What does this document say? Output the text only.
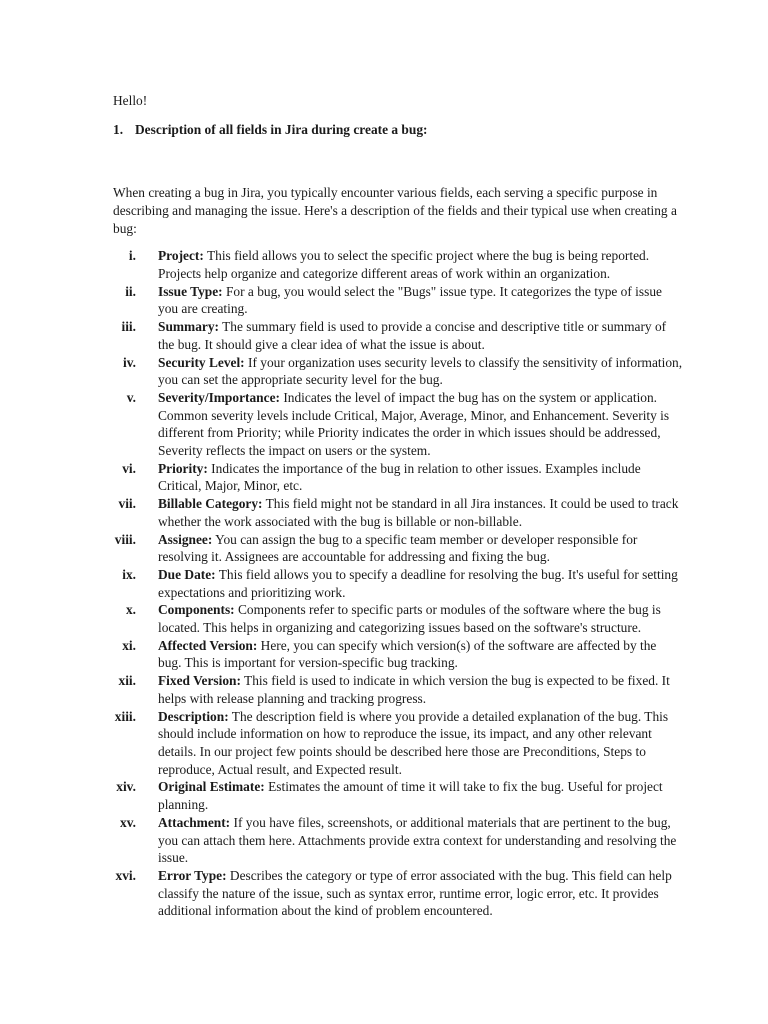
Hello!

1. Description of all fields in Jira during create a bug:

When creating a bug in Jira, you typically encounter various fields, each serving a specific purpose in describing and managing the issue. Here's a description of the fields and their typical use when creating a bug:

i. Project: This field allows you to select the specific project where the bug is being reported. Projects help organize and categorize different areas of work within an organization.
ii. Issue Type: For a bug, you would select the "Bugs" issue type. It categorizes the type of issue you are creating.
iii. Summary: The summary field is used to provide a concise and descriptive title or summary of the bug. It should give a clear idea of what the issue is about.
iv. Security Level: If your organization uses security levels to classify the sensitivity of information, you can set the appropriate security level for the bug.
v. Severity/Importance: Indicates the level of impact the bug has on the system or application. Common severity levels include Critical, Major, Average, Minor, and Enhancement. Severity is different from Priority; while Priority indicates the order in which issues should be addressed, Severity reflects the impact on users or the system.
vi. Priority: Indicates the importance of the bug in relation to other issues. Examples include Critical, Major, Minor, etc.
vii. Billable Category: This field might not be standard in all Jira instances. It could be used to track whether the work associated with the bug is billable or non-billable.
viii. Assignee: You can assign the bug to a specific team member or developer responsible for resolving it. Assignees are accountable for addressing and fixing the bug.
ix. Due Date: This field allows you to specify a deadline for resolving the bug. It's useful for setting expectations and prioritizing work.
x. Components: Components refer to specific parts or modules of the software where the bug is located. This helps in organizing and categorizing issues based on the software's structure.
xi. Affected Version: Here, you can specify which version(s) of the software are affected by the bug. This is important for version-specific bug tracking.
xii. Fixed Version: This field is used to indicate in which version the bug is expected to be fixed. It helps with release planning and tracking progress.
xiii. Description: The description field is where you provide a detailed explanation of the bug. This should include information on how to reproduce the issue, its impact, and any other relevant details. In our project few points should be described here those are Preconditions, Steps to reproduce, Actual result, and Expected result.
xiv. Original Estimate: Estimates the amount of time it will take to fix the bug. Useful for project planning.
xv. Attachment: If you have files, screenshots, or additional materials that are pertinent to the bug, you can attach them here. Attachments provide extra context for understanding and resolving the issue.
xvi. Error Type: Describes the category or type of error associated with the bug. This field can help classify the nature of the issue, such as syntax error, runtime error, logic error, etc. It provides additional information about the kind of problem encountered.
